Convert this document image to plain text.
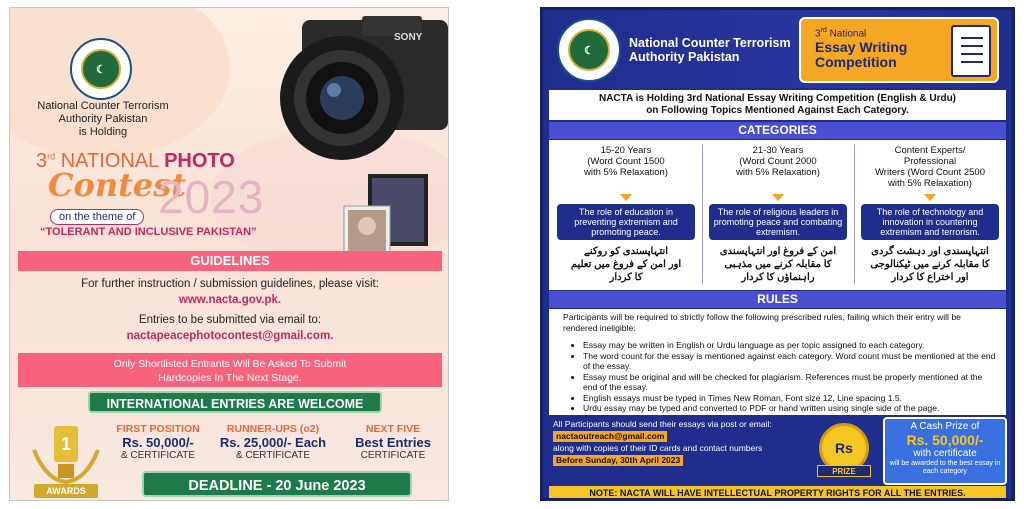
☾
National Counter Terrorism
Authority Pakistan
is Holding
SONY
3rd NATIONAL PHOTO
Contest
2023
on the theme of
“TOLERANT AND INCLUSIVE PAKISTAN”
GUIDELINES
For further instruction / submission guidelines, please visit:
www.nacta.gov.pk.
Entries to be submitted via email to:
nactapeacephotocontest@gmail.com.
Only Shortlisted Entrants Will Be Asked To Submit
Hardcopies In The Next Stage.
INTERNATIONAL ENTRIES ARE WELCOME
1
AWARDS
FIRST POSITION
Rs. 50,000/-
& CERTIFICATE
RUNNER-UPS (o2)
Rs. 25,000/- Each
& CERTIFICATE
NEXT FIVE
Best Entries
CERTIFICATE
DEADLINE - 20 June 2023
☾
National Counter Terrorism
Authority Pakistan
3rd National
Essay Writing
Competition
NACTA is Holding 3rd National Essay Writing Competition (English & Urdu)
on Following Topics Mentioned Against Each Category.
CATEGORIES
15-20 Years
(Word Count 1500
with 5% Relaxation)
The role of education in preventing extremism and promoting peace.
انتہاپسندی کو روکنے
اور امن کے فروغ میں تعلیم
کا کردار
21-30 Years
(Word Count 2000
with 5% Relaxation)
The role of religious leaders in promoting peace and combating extremism.
امن کے فروغ اور انتہاپسندی
کا مقابلہ کرنے میں مذہبی
راہنماؤں کا کردار
Content Experts/
Professional
Writers (Word Count 2500
with 5% Relaxation)
The role of technology and innovation in countering extremism and terrorism.
انتہاپسندی اور دہشت گردی
کا مقابلہ کرنے میں ٹیکنالوجی
اور اختراع کا کردار
RULES
Participants will be required to strictly follow the following prescribed rules, failing which their entry will be rendered ineligible:
• Essay may be written in English or Urdu language as per topic assigned to each category.
• The word count for the essay is mentioned against each category. Word count must be mentioned at the end of the essay.
• Essay must be original and will be checked for plagiarism. References must be properly mentioned at the end of the essay.
• English essays must be typed in Times New Roman, Font size 12, Line spacing 1.5.
• Urdu essay may be typed and converted to PDF or hand written using single side of the page.
All Participants should send their essays via post or email:
nactaoutreach@gmail.com
along with copies of their ID cards and contact numbers
Before Sunday, 30th April 2023
Rs
PRIZE
A Cash Prize of
Rs. 50,000/-
with certificate
will be awarded to the best essay in each category
NOTE: NACTA WILL HAVE INTELLECTUAL PROPERTY RIGHTS FOR ALL THE ENTRIES.
